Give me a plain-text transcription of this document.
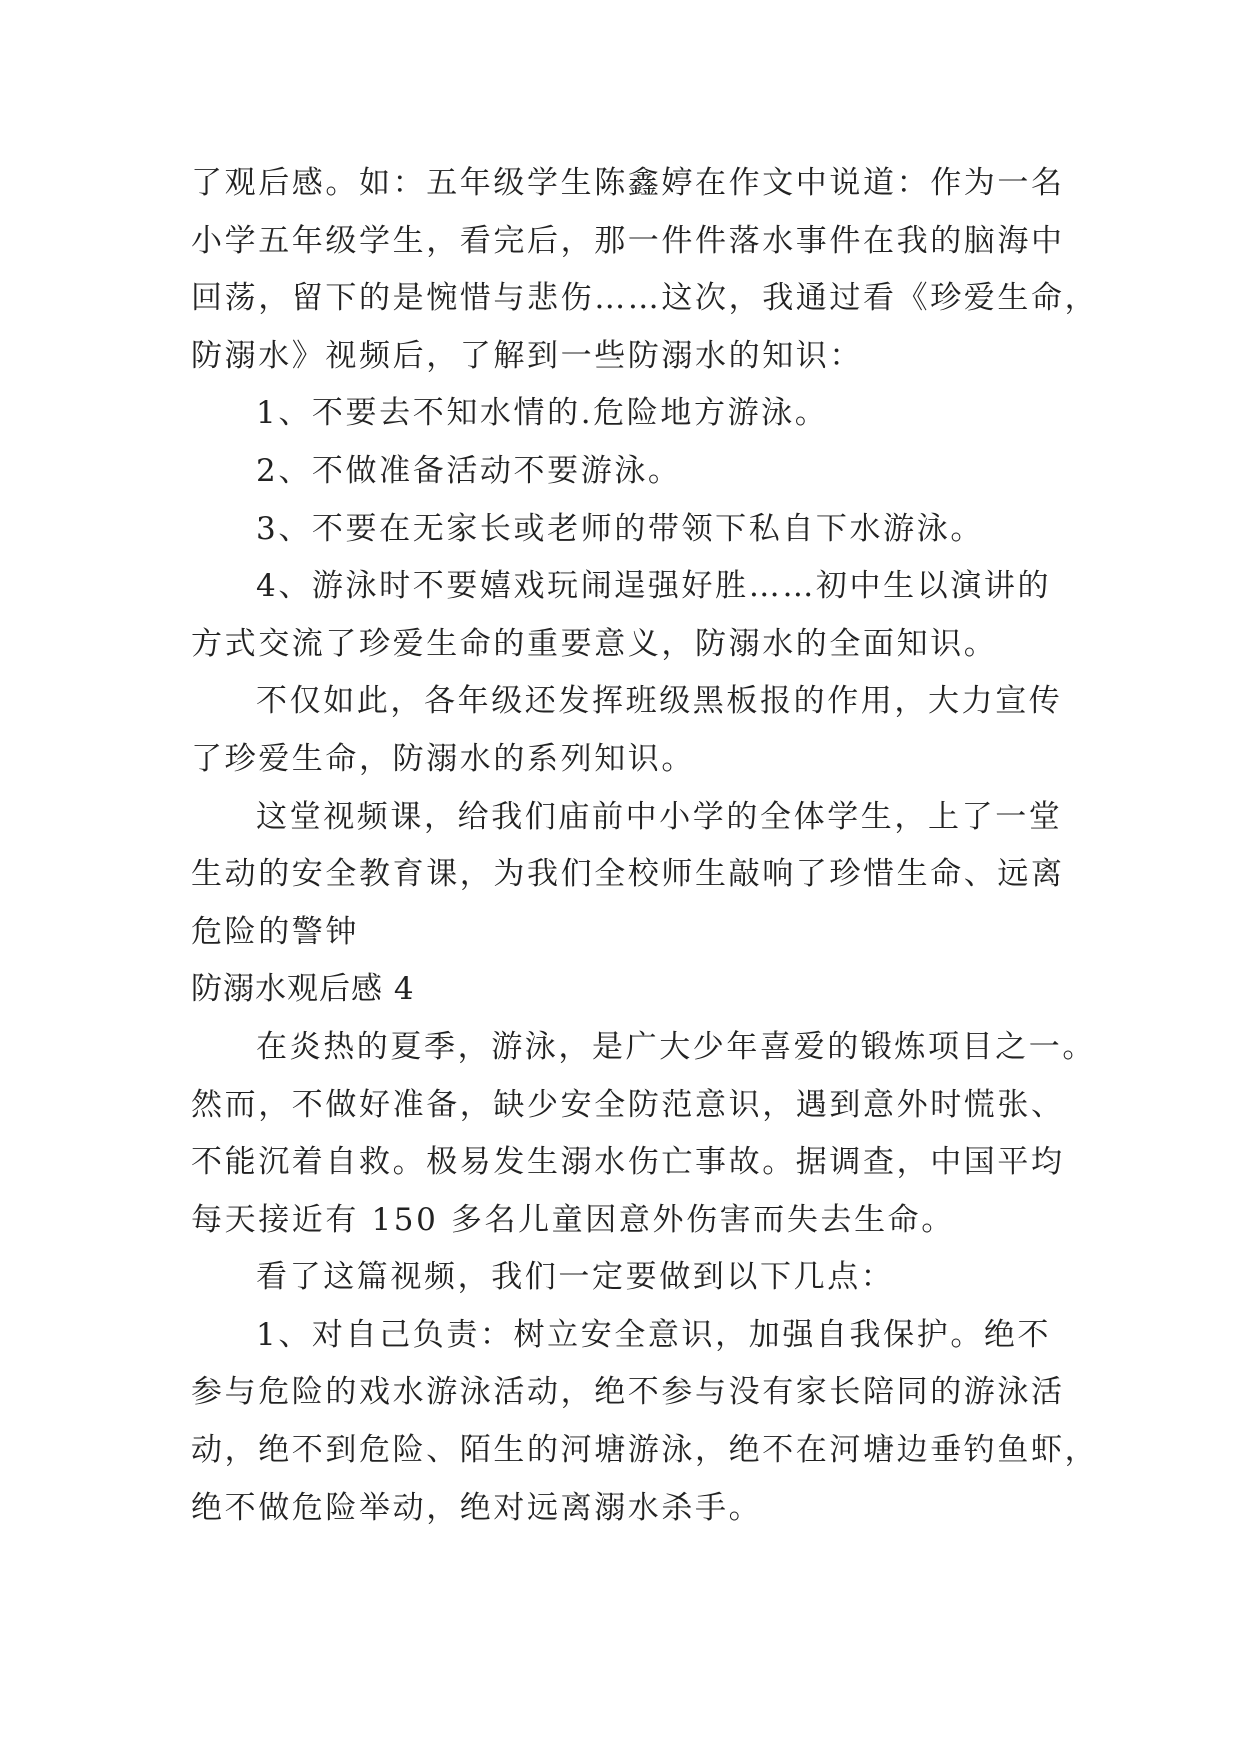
了观后感。如：五年级学生陈鑫婷在作文中说道：作为一名
小学五年级学生，看完后，那一件件落水事件在我的脑海中
回荡，留下的是惋惜与悲伤……这次，我通过看《珍爱生命，
防溺水》视频后，了解到一些防溺水的知识：
1、不要去不知水情的.危险地方游泳。
2、不做准备活动不要游泳。
3、不要在无家长或老师的带领下私自下水游泳。
4、游泳时不要嬉戏玩闹逞强好胜……初中生以演讲的
方式交流了珍爱生命的重要意义，防溺水的全面知识。
不仅如此，各年级还发挥班级黑板报的作用，大力宣传
了珍爱生命，防溺水的系列知识。
这堂视频课，给我们庙前中小学的全体学生，上了一堂
生动的安全教育课，为我们全校师生敲响了珍惜生命、远离
危险的警钟
防溺水观后感 4
在炎热的夏季，游泳，是广大少年喜爱的锻炼项目之一。
然而，不做好准备，缺少安全防范意识，遇到意外时慌张、
不能沉着自救。极易发生溺水伤亡事故。据调查，中国平均
每天接近有 150 多名儿童因意外伤害而失去生命。
看了这篇视频，我们一定要做到以下几点：
1、对自己负责：树立安全意识，加强自我保护。绝不
参与危险的戏水游泳活动，绝不参与没有家长陪同的游泳活
动，绝不到危险、陌生的河塘游泳，绝不在河塘边垂钓鱼虾，
绝不做危险举动，绝对远离溺水杀手。
